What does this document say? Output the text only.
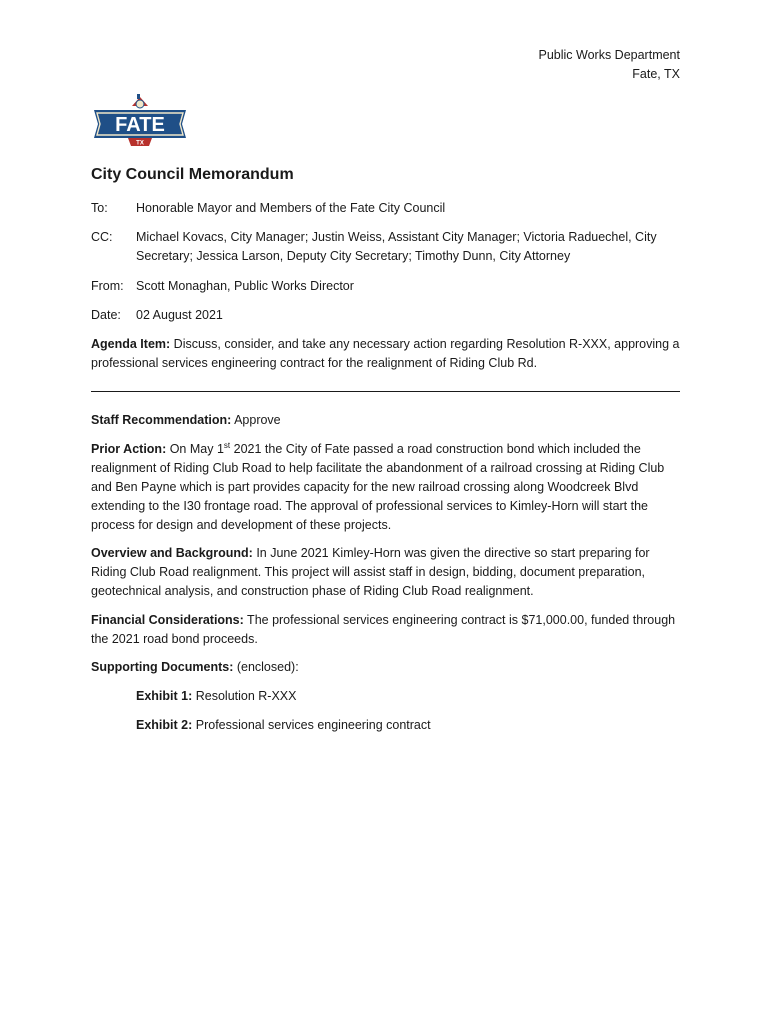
Public Works Department
Fate, TX
FATE
TX
City Council Memorandum
To: Honorable Mayor and Members of the Fate City Council
CC: Michael Kovacs, City Manager; Justin Weiss, Assistant City Manager; Victoria Raduechel, City Secretary; Jessica Larson, Deputy City Secretary; Timothy Dunn, City Attorney
From: Scott Monaghan, Public Works Director
Date: 02 August 2021

Agenda Item: Discuss, consider, and take any necessary action regarding Resolution R-XXX, approving a professional services engineering contract for the realignment of Riding Club Rd.

Staff Recommendation: Approve

Prior Action: On May 1st 2021 the City of Fate passed a road construction bond which included the realignment of Riding Club Road to help facilitate the abandonment of a railroad crossing at Riding Club and Ben Payne which is part provides capacity for the new railroad crossing along Woodcreek Blvd extending to the I30 frontage road. The approval of professional services to Kimley-Horn will start the process for design and development of these projects.

Overview and Background: In June 2021 Kimley-Horn was given the directive so start preparing for Riding Club Road realignment. This project will assist staff in design, bidding, document preparation, geotechnical analysis, and construction phase of Riding Club Road realignment.

Financial Considerations: The professional services engineering contract is $71,000.00, funded through the 2021 road bond proceeds.

Supporting Documents: (enclosed):

Exhibit 1: Resolution R-XXX

Exhibit 2: Professional services engineering contract
